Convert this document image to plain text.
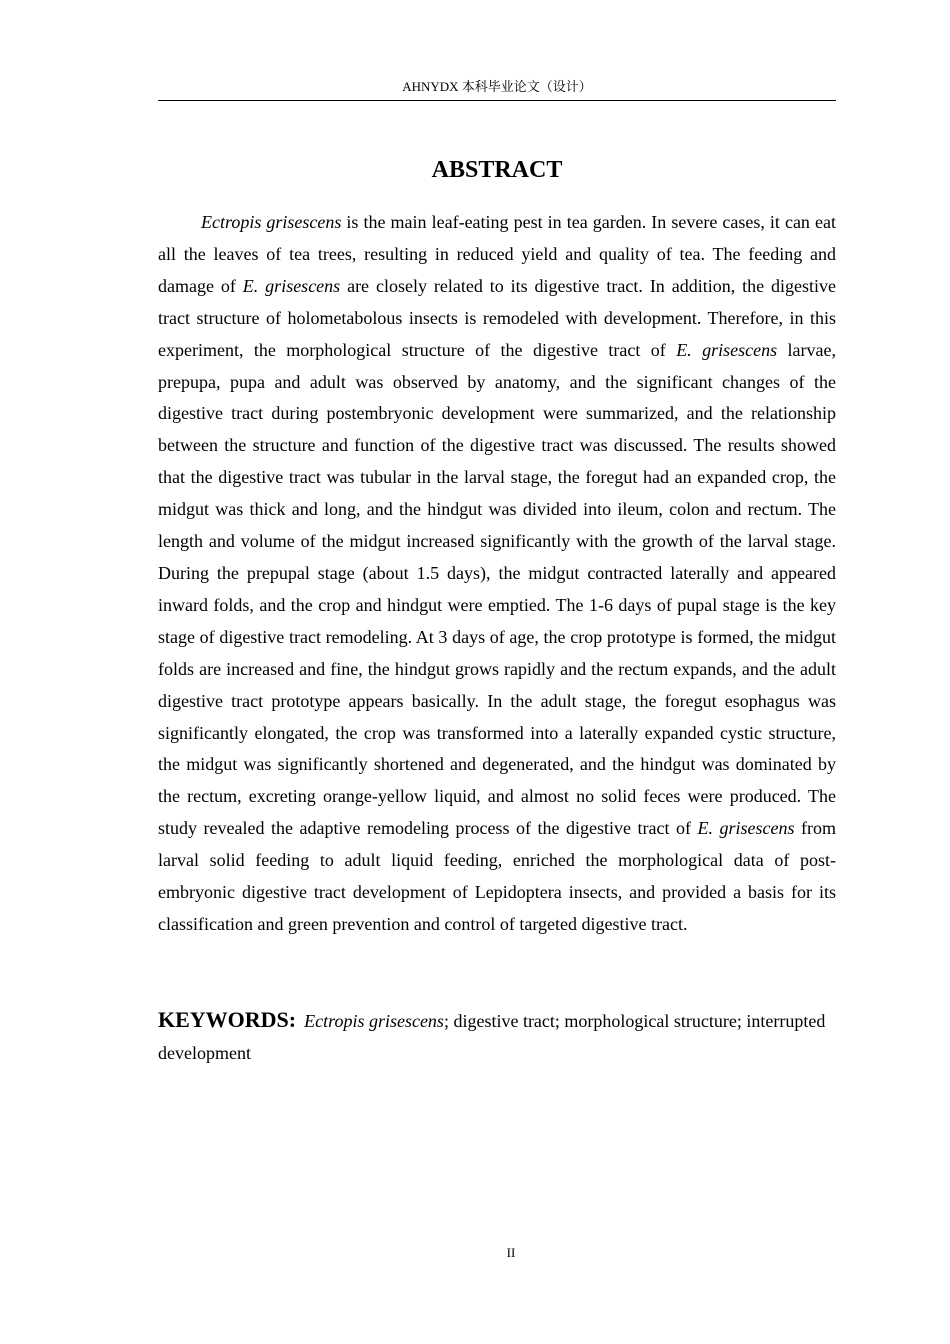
AHNYDX 本科毕业论文（设计）
ABSTRACT

Ectropis grisescens is the main leaf-eating pest in tea garden. In severe cases, it can eat all the leaves of tea trees, resulting in reduced yield and quality of tea. The feeding and damage of E. grisescens are closely related to its digestive tract. In addition, the digestive tract structure of holometabolous insects is remodeled with development. Therefore, in this experiment, the morphological structure of the digestive tract of E. grisescens larvae, prepupa, pupa and adult was observed by anatomy, and the significant changes of the digestive tract during postembryonic development were summarized, and the relationship between the structure and function of the digestive tract was discussed. The results showed that the digestive tract was tubular in the larval stage, the foregut had an expanded crop, the midgut was thick and long, and the hindgut was divided into ileum, colon and rectum. The length and volume of the midgut increased significantly with the growth of the larval stage. During the prepupal stage (about 1.5 days), the midgut contracted laterally and appeared inward folds, and the crop and hindgut were emptied. The 1-6 days of pupal stage is the key stage of digestive tract remodeling. At 3 days of age, the crop prototype is formed, the midgut folds are increased and fine, the hindgut grows rapidly and the rectum expands, and the adult digestive tract prototype appears basically. In the adult stage, the foregut esophagus was significantly elongated, the crop was transformed into a laterally expanded cystic structure, the midgut was significantly shortened and degenerated, and the hindgut was dominated by the rectum, excreting orange-yellow liquid, and almost no solid feces were produced. The study revealed the adaptive remodeling process of the digestive tract of E. grisescens from larval solid feeding to adult liquid feeding, enriched the morphological data of post-embryonic digestive tract development of Lepidoptera insects, and provided a basis for its classification and green prevention and control of targeted digestive tract.

KEYWORDS: Ectropis grisescens; digestive tract; morphological structure; interrupted development

II
